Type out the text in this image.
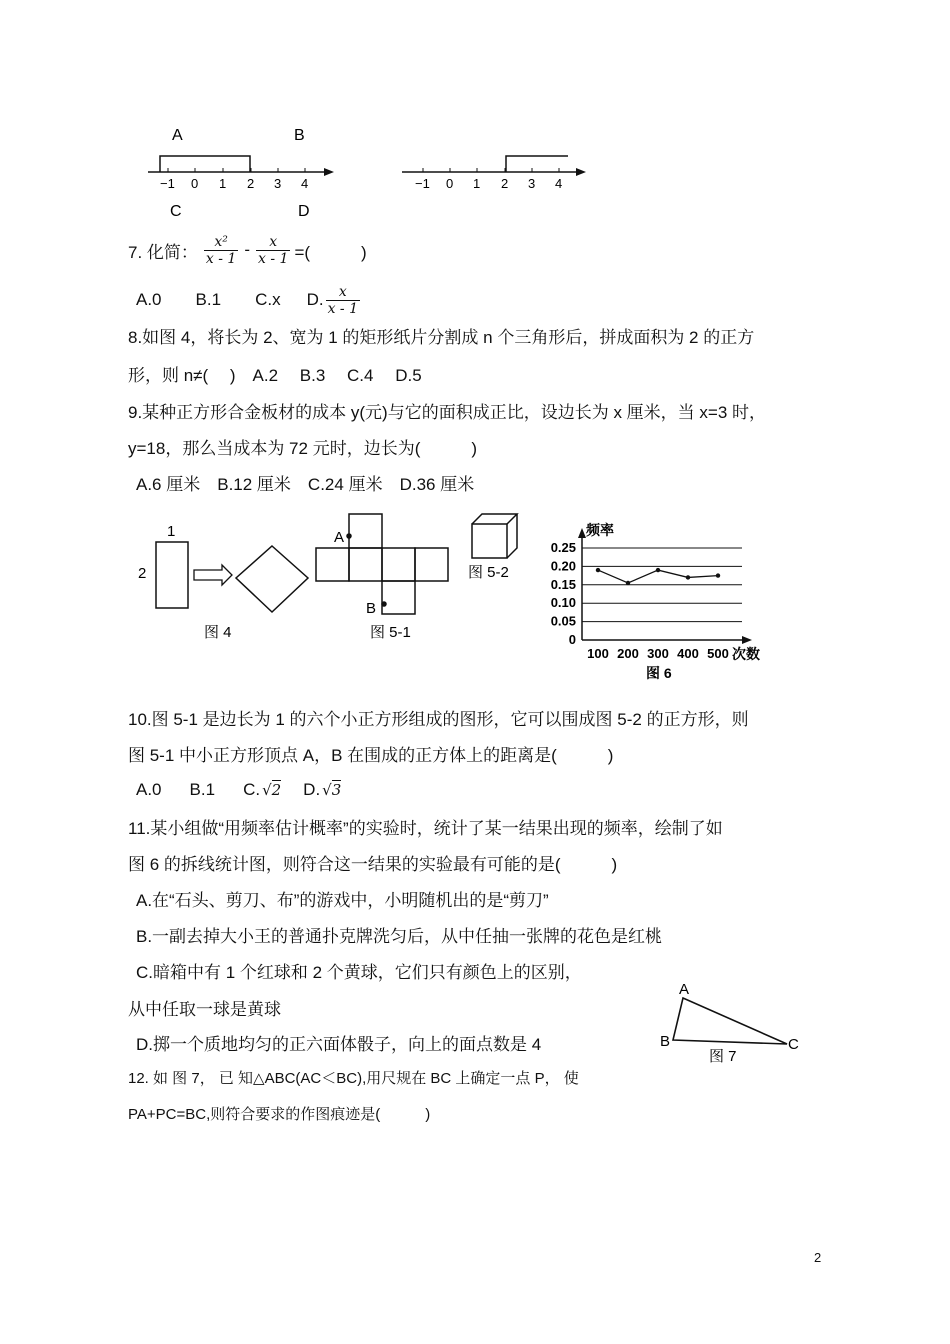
A	B
C	D
−1 0 1 2 3 4	−1 0 1 2 3 4
7. 化简： $\frac{\text{x²}}{x - 1} - \frac{x}{x - 1}$ =(　　　)
A.0 B.1 C.x D. $\frac{x}{x - 1}$
8.如图 4，将长为 2、宽为 1 的矩形纸片分割成 n 个三角形后，拼成面积为 2 的正方
形，则 n≠(　 )　A.2　 B.3　 C.4　 D.5
9.某种正方形合金板材的成本 y(元)与它的面积成正比，设边长为 x 厘米，当 x=3 时，
y=18，那么当成本为 72 元时，边长为(　　　)
A.6 厘米　B.12 厘米　C.24 厘米　D.36 厘米
1
2
图 4
A
B
图 5-1
图 5-2
0
0.05
0.10
0.15
0.20
0.25
100 200 300 400 500
频率
次数
图 6
10.图 5-1 是边长为 1 的六个小正方形组成的图形，它可以围成图 5-2 的正方形，则
图 5-1 中小正方形顶点 A，B 在围成的正方体上的距离是(　　　)
A.0 B.1 C. √2 D. √3
11.某小组做“用频率估计概率”的实验时，统计了某一结果出现的频率，绘制了如
图 6 的拆线统计图，则符合这一结果的实验最有可能的是(　　　)
A.在“石头、剪刀、布”的游戏中，小明随机出的是“剪刀”
B.一副去掉大小王的普通扑克牌洗匀后，从中任抽一张牌的花色是红桃
C.暗箱中有 1 个红球和 2 个黄球，它们只有颜色上的区别，
从中任取一球是黄球
D.掷一个质地均匀的正六面体骰子，向上的面点数是 4
A
B	C
图 7
12. 如 图 7， 已 知△ABC(AC＜BC),用尺规在 BC 上确定一点 P， 使
PA+PC=BC,则符合要求的作图痕迹是(　　　)
2
